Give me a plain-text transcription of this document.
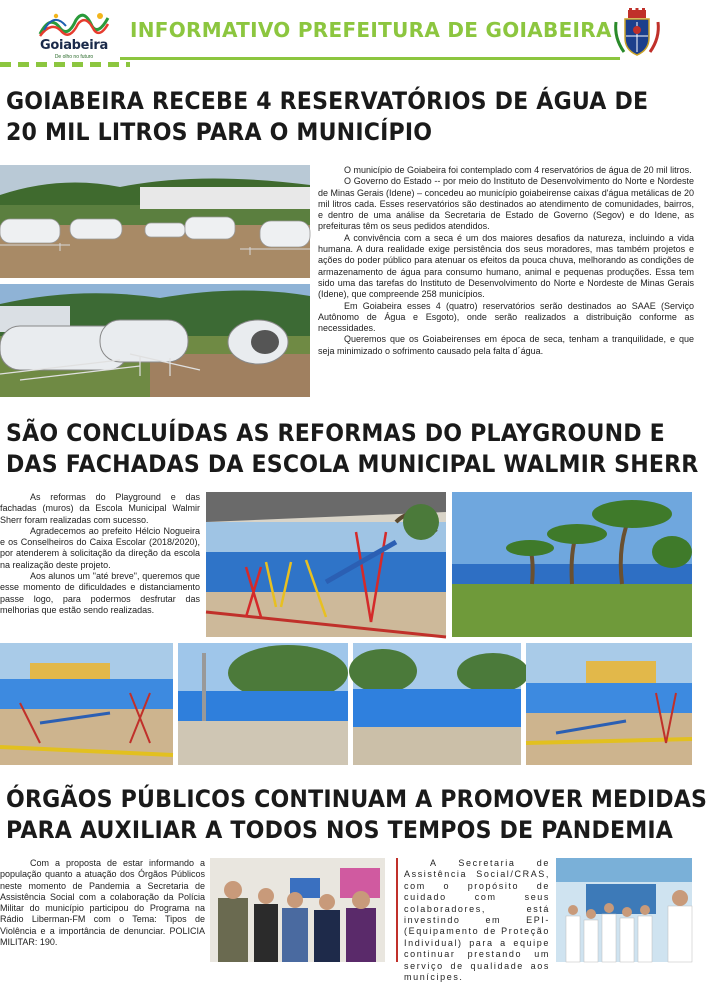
Goiabeira
De olho no futuro
INFORMATIVO PREFEITURA DE GOIABEIRA
GOIABEIRA RECEBE 4 RESERVATÓRIOS DE ÁGUA DE
20 MIL LITROS PARA O MUNICÍPIO

O município de Goiabeira foi contemplado com 4 reservatórios de água de 20 mil litros.

O Governo do Estado -- por meio do Instituto de Desenvolvimento do Norte e Nordeste de Minas Gerais (Idene) – concedeu ao município goiabeirense caixas d'água metálicas de 20 mil litros cada. Esses reservatórios são destinados ao atendimento de comunidades, bairros, e dentro de uma análise da Secretaria de Estado de Governo (Segov) e do Idene, as prefeituras têm os seus pedidos atendidos.

A convivência com a seca é um dos maiores desafios da natureza, incluindo a vida humana. A dura realidade exige persistência dos seus moradores, mas também projetos e ações do poder público para atenuar os efeitos da pouca chuva, melhorando as condições de armazenamento de água para consumo humano, animal e pequenas produções. Essa tem sido uma das tarefas do Instituto de Desenvolvimento do Norte e Nordeste de Minas Gerais (Idene), que compreende 258 municípios.

Em Goiabeira esses 4 (quatro) reservatórios serão destinados ao SAAE (Serviço Autônomo de Água e Esgoto), onde serão realizados a distribuição conforme as necessidades.

Queremos que os Goiabeirenses em época de seca, tenham a tranquilidade, e que seja minimizado o sofrimento causado pela falta d´água.

SÃO CONCLUÍDAS AS REFORMAS DO PLAYGROUND E
DAS FACHADAS DA ESCOLA MUNICIPAL WALMIR SHERR

As reformas do Playground e das fachadas (muros) da Escola Municipal Walmir Sherr foram realizadas com sucesso.

Agradecemos ao prefeito Hélcio Nogueira e os Conselheiros do Caixa Escolar (2018/2020), por atenderem à solicitação da direção da escola na realização deste projeto.

Aos alunos um "até breve", queremos que esse momento de dificuldades e distanciamento passe logo, para podermos desfrutar das melhorias que estão sendo realizadas.

ÓRGÃOS PÚBLICOS CONTINUAM A PROMOVER MEDIDAS
PARA AUXILIAR A TODOS NOS TEMPOS DE PANDEMIA

Com a proposta de estar informando a população quanto a atuação dos Órgãos Públicos neste momento de Pandemia a Secretaria de Assistência Social com a colaboração da Polícia Militar do município participou do Programa na Rádio Liberman-FM com o Tema: Tipos de Violência e a importância de denunciar. POLICIA MILITAR: 190.

A Secretaria de Assistência Social/CRAS, com o propósito de cuidado com seus colaboradores, está investindo em EPI- (Equipamento de Proteção Individual) para a equipe continuar prestando um serviço de qualidade aos munícipes.
